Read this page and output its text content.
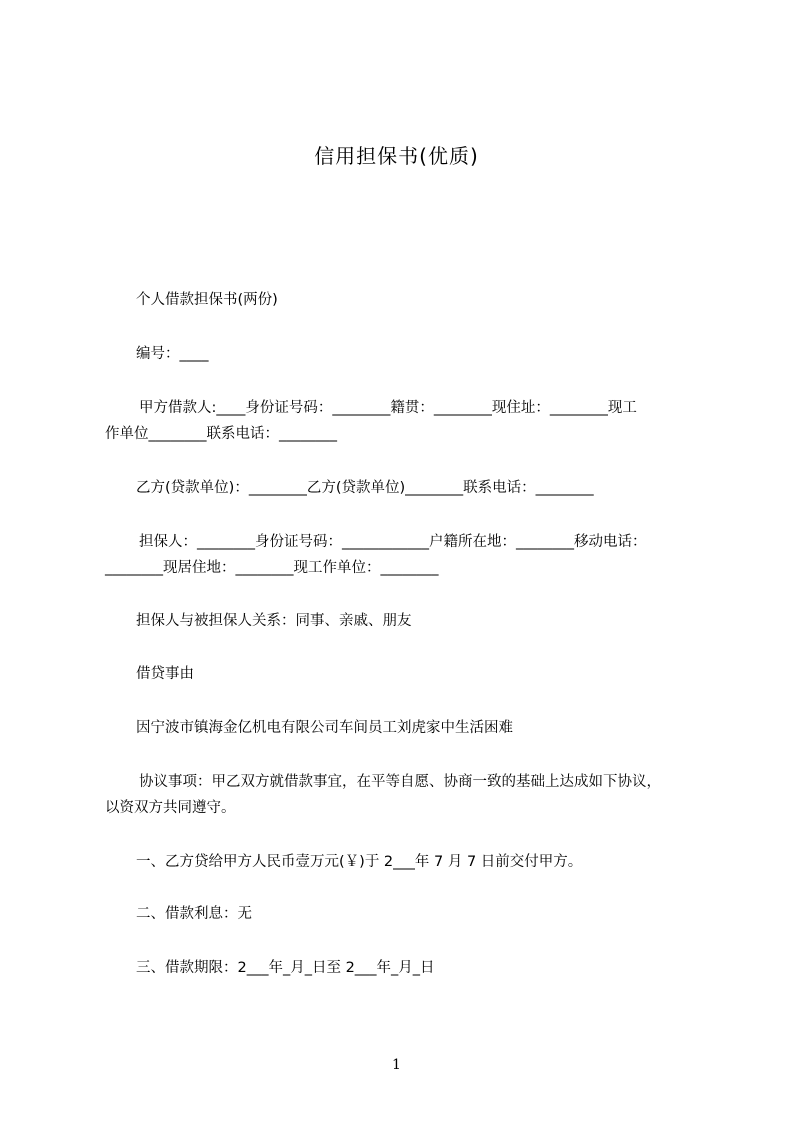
信用担保书(优质)
个人借款担保书(两份)
编号：____
甲方借款人:____身份证号码：________籍贯：________现住址：________现工
作单位________联系电话：________
乙方(贷款单位)：________乙方(贷款单位)________联系电话：________
担保人：________身份证号码：____________户籍所在地：________移动电话：
________现居住地：________现工作单位：________
担保人与被担保人关系：同事、亲戚、朋友
借贷事由
因宁波市镇海金亿机电有限公司车间员工刘虎家中生活困难
协议事项：甲乙双方就借款事宜，在平等自愿、协商一致的基础上达成如下协议，
以资双方共同遵守。
一、乙方贷给甲方人民币壹万元(￥)于 2___年 7 月 7 日前交付甲方。
二、借款利息：无
三、借款期限：2___年_月_日至 2___年_月_日
1
